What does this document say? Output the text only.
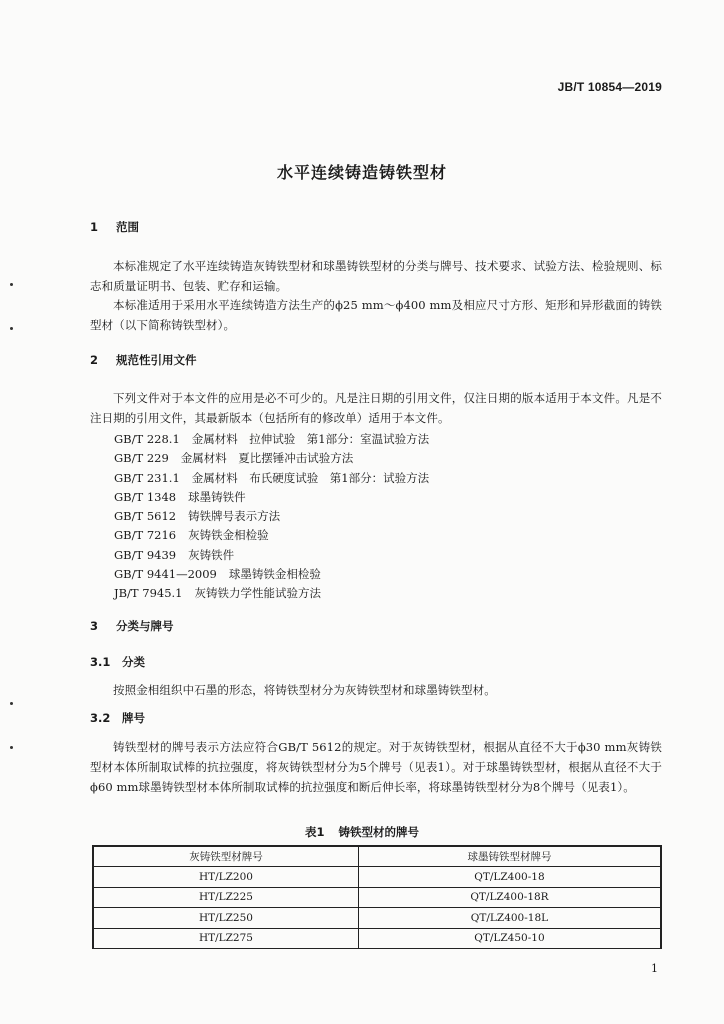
JB/T 10854—2019
水平连续铸造铸铁型材
1 范围

本标准规定了水平连续铸造灰铸铁型材和球墨铸铁型材的分类与牌号、技术要求、试验方法、检验规则、标志和质量证明书、包装、贮存和运输。

本标准适用于采用水平连续铸造方法生产的ϕ25 mm～ϕ400 mm及相应尺寸方形、矩形和异形截面的铸铁型材（以下简称铸铁型材）。

2 规范性引用文件

下列文件对于本文件的应用是必不可少的。凡是注日期的引用文件，仅注日期的版本适用于本文件。凡是不注日期的引用文件，其最新版本（包括所有的修改单）适用于本文件。

GB/T 228.1 金属材料　拉伸试验　第1部分：室温试验方法
GB/T 229 金属材料　夏比摆锤冲击试验方法
GB/T 231.1 金属材料　布氏硬度试验　第1部分：试验方法
GB/T 1348 球墨铸铁件
GB/T 5612 铸铁牌号表示方法
GB/T 7216 灰铸铁金相检验
GB/T 9439 灰铸铁件
GB/T 9441—2009 球墨铸铁金相检验
JB/T 7945.1 灰铸铁力学性能试验方法
3 分类与牌号
3.1 分类

按照金相组织中石墨的形态，将铸铁型材分为灰铸铁型材和球墨铸铁型材。

3.2 牌号

铸铁型材的牌号表示方法应符合GB/T 5612的规定。对于灰铸铁型材，根据从直径不大于ϕ30 mm灰铸铁型材本体所制取试棒的抗拉强度，将灰铸铁型材分为5个牌号（见表1）。对于球墨铸铁型材，根据从直径不大于ϕ60 mm球墨铸铁型材本体所制取试棒的抗拉强度和断后伸长率，将球墨铸铁型材分为8个牌号（见表1）。

表1 铸铁型材的牌号
灰铸铁型材牌号	球墨铸铁型材牌号
HT/LZ200	QT/LZ400-18
HT/LZ225	QT/LZ400-18R
HT/LZ250	QT/LZ400-18L
HT/LZ275	QT/LZ450-10
1
